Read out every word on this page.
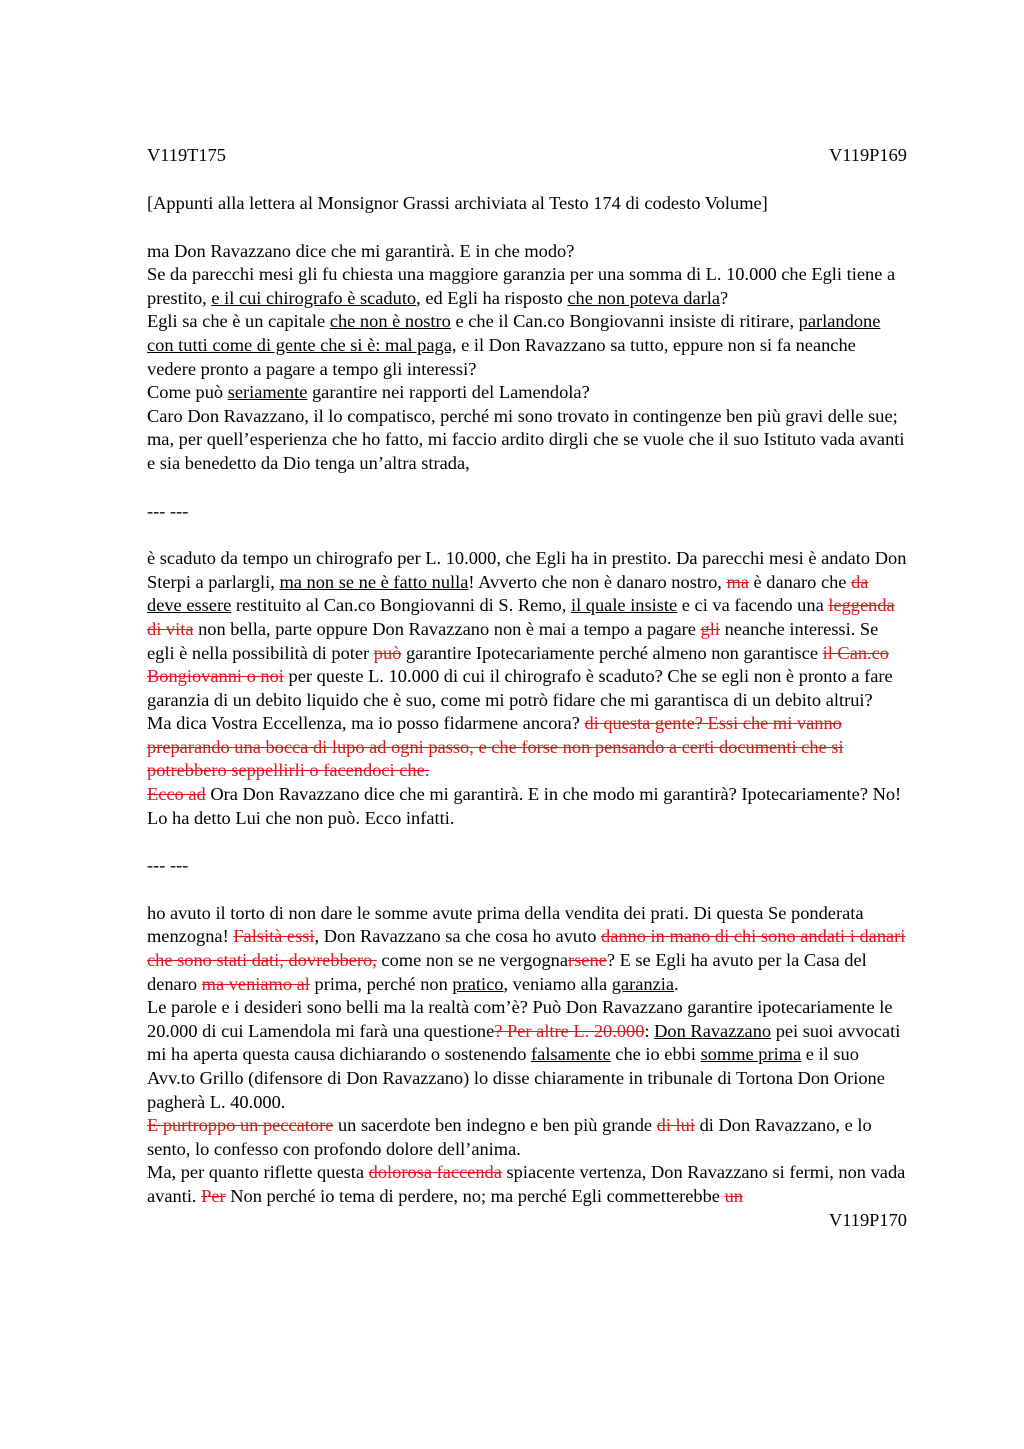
V119T175	V119P169

[Appunti alla lettera al Monsignor Grassi archiviata al Testo 174 di codesto Volume]

ma Don Ravazzano dice che mi garantirà. E in che modo?

Se da parecchi mesi gli fu chiesta una maggiore garanzia per una somma di L. 10.000 che Egli tiene a prestito, e il cui chirografo è scaduto, ed Egli ha risposto che non poteva darla?

Egli sa che è un capitale che non è nostro e che il Can.co Bongiovanni insiste di ritirare, parlandone con tutti come di gente che si è: mal paga, e il Don Ravazzano sa tutto, eppure non si fa neanche vedere pronto a pagare a tempo gli interessi?

Come può seriamente garantire nei rapporti del Lamendola?

Caro Don Ravazzano, il lo compatisco, perché mi sono trovato in contingenze ben più gravi delle sue; ma, per quell’esperienza che ho fatto, mi faccio ardito dirgli che se vuole che il suo Istituto vada avanti e sia benedetto da Dio tenga un’altra strada,

--- ---

è scaduto da tempo un chirografo per L. 10.000, che Egli ha in prestito. Da parecchi mesi è andato Don Sterpi a parlargli, ma non se ne è fatto nulla! Avverto che non è danaro nostro, ma è danaro che da deve essere restituito al Can.co Bongiovanni di S. Remo, il quale insiste e ci va facendo una leggenda di vita non bella, parte oppure Don Ravazzano non è mai a tempo a pagare gli neanche interessi. Se egli è nella possibilità di poter può garantire Ipotecariamente perché almeno non garantisce il Can.co Bongiovanni o noi per queste L. 10.000 di cui il chirografo è scaduto? Che se egli non è pronto a fare garanzia di un debito liquido che è suo, come mi potrò fidare che mi garantisca di un debito altrui?

Ma dica Vostra Eccellenza, ma io posso fidarmene ancora? di questa gente? Essi che mi vanno preparando una bocca di lupo ad ogni passo, e che forse non pensando a certi documenti che si potrebbero seppellirli o facendoci che.

Ecco ad Ora Don Ravazzano dice che mi garantirà. E in che modo mi garantirà? Ipotecariamente? No! Lo ha detto Lui che non può. Ecco infatti.

--- ---

ho avuto il torto di non dare le somme avute prima della vendita dei prati. Di questa Se ponderata menzogna! Falsità essi, Don Ravazzano sa che cosa ho avuto danno in mano di chi sono andati i danari che sono stati dati, dovrebbero, come non se ne vergognarsene? E se Egli ha avuto per la Casa del denaro ma veniamo al prima, perché non pratico, veniamo alla garanzia.

Le parole e i desideri sono belli ma la realtà com’è? Può Don Ravazzano garantire ipotecariamente le 20.000 di cui Lamendola mi farà una questione? Per altre L. 20.000: Don Ravazzano pei suoi avvocati mi ha aperta questa causa dichiarando o sostenendo falsamente che io ebbi somme prima e il suo Avv.to Grillo (difensore di Don Ravazzano) lo disse chiaramente in tribunale di Tortona Don Orione pagherà L. 40.000.

E purtroppo un peccatore un sacerdote ben indegno e ben più grande di lui di Don Ravazzano, e lo sento, lo confesso con profondo dolore dell’anima.

Ma, per quanto riflette questa dolorosa faccenda spiacente vertenza, Don Ravazzano si fermi, non vada avanti. Per Non perché io tema di perdere, no; ma perché Egli commetterebbe un

V119P170
